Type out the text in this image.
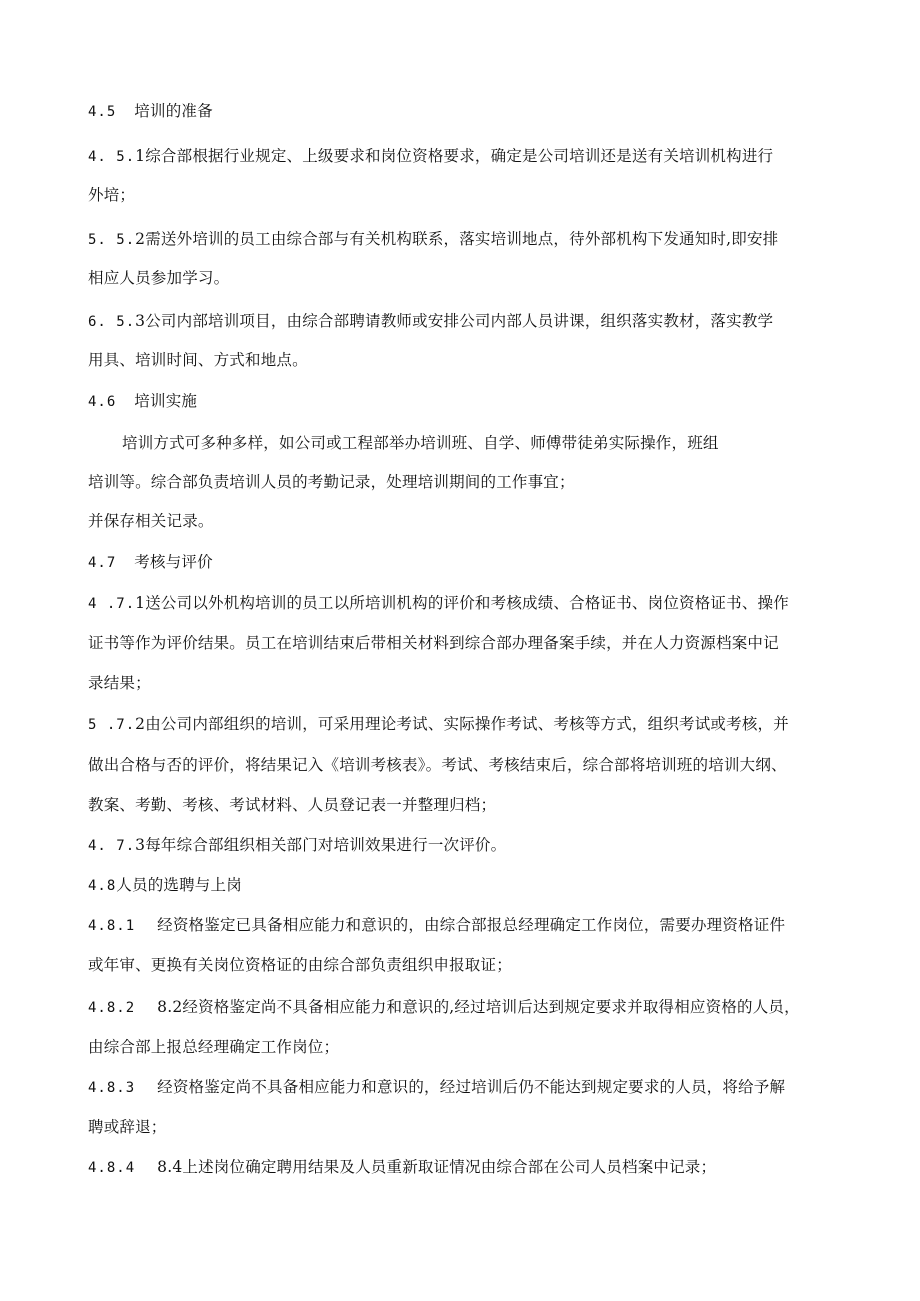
4.5 培训的准备
4. 5.1综合部根据行业规定、上级要求和岗位资格要求，确定是公司培训还是送有关培训机构进行
外培；
5. 5.2需送外培训的员工由综合部与有关机构联系，落实培训地点，待外部机构下发通知时,即安排
相应人员参加学习。
6. 5.3公司内部培训项目，由综合部聘请教师或安排公司内部人员讲课，组织落实教材，落实教学
用具、培训时间、方式和地点。
4.6 培训实施
培训方式可多种多样，如公司或工程部举办培训班、自学、师傅带徒弟实际操作，班组
培训等。综合部负责培训人员的考勤记录，处理培训期间的工作事宜；
并保存相关记录。
4.7 考核与评价
4 .7.1送公司以外机构培训的员工以所培训机构的评价和考核成绩、合格证书、岗位资格证书、操作
证书等作为评价结果。员工在培训结束后带相关材料到综合部办理备案手续，并在人力资源档案中记
录结果；
5 .7.2由公司内部组织的培训，可采用理论考试、实际操作考试、考核等方式，组织考试或考核，并
做出合格与否的评价，将结果记入《培训考核表》。考试、考核结束后，综合部将培训班的培训大纲、
教案、考勤、考核、考试材料、人员登记表一并整理归档；
4. 7.3每年综合部组织相关部门对培训效果进行一次评价。
4.8人员的选聘与上岗
4.8.1 经资格鉴定已具备相应能力和意识的，由综合部报总经理确定工作岗位，需要办理资格证件
或年审、更换有关岗位资格证的由综合部负责组织申报取证；
4.8.2 8.2经资格鉴定尚不具备相应能力和意识的,经过培训后达到规定要求并取得相应资格的人员，
由综合部上报总经理确定工作岗位；
4.8.3 经资格鉴定尚不具备相应能力和意识的，经过培训后仍不能达到规定要求的人员，将给予解
聘或辞退；
4.8.4 8.4上述岗位确定聘用结果及人员重新取证情况由综合部在公司人员档案中记录；
